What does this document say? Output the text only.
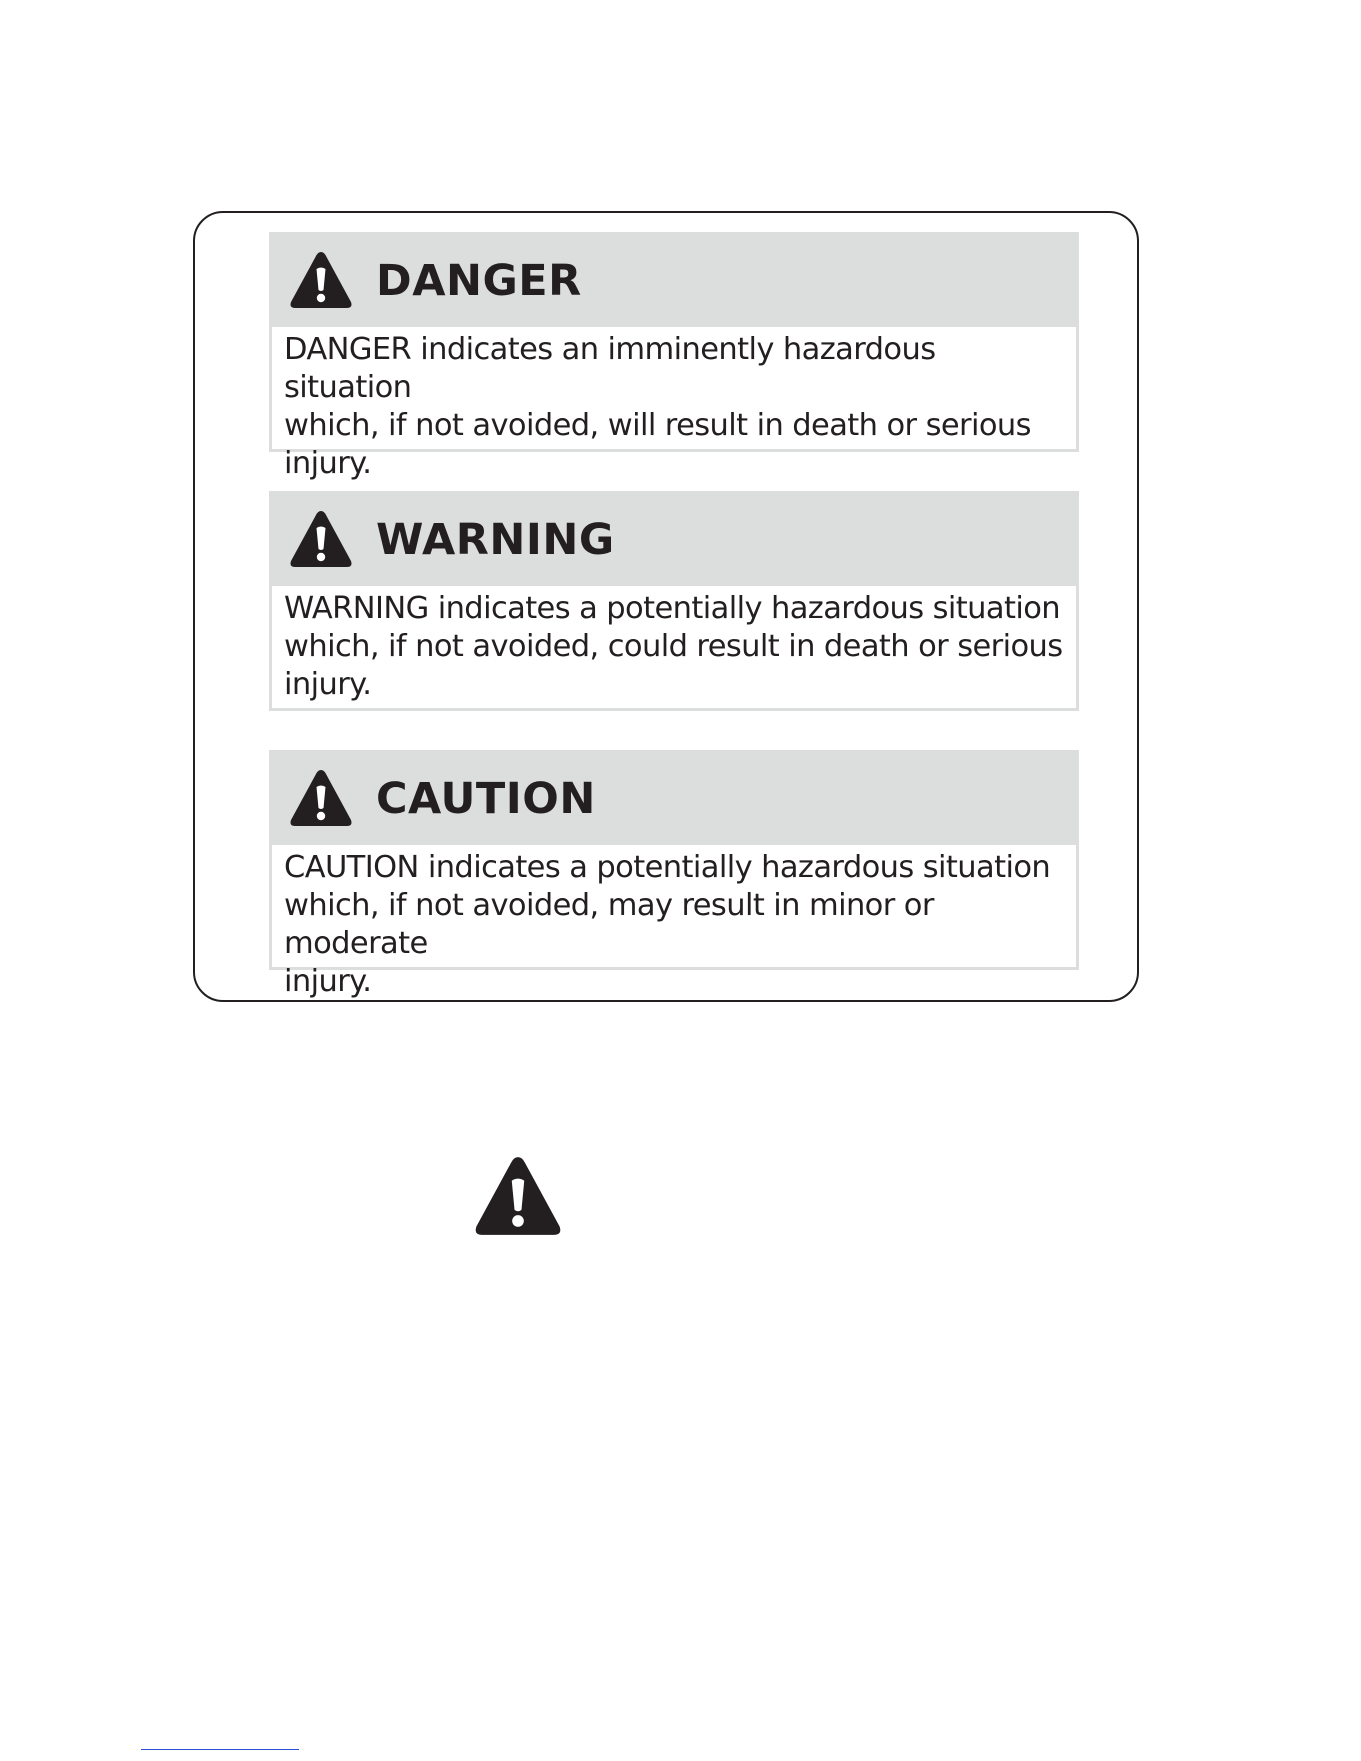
DANGER
DANGER indicates an imminently hazardous situation
which, if not avoided, will result in death or serious
injury.
WARNING
WARNING indicates a potentially hazardous situation
which, if not avoided, could result in death or serious
injury.
CAUTION
CAUTION indicates a potentially hazardous situation
which, if not avoided, may result in minor or moderate
injury.
